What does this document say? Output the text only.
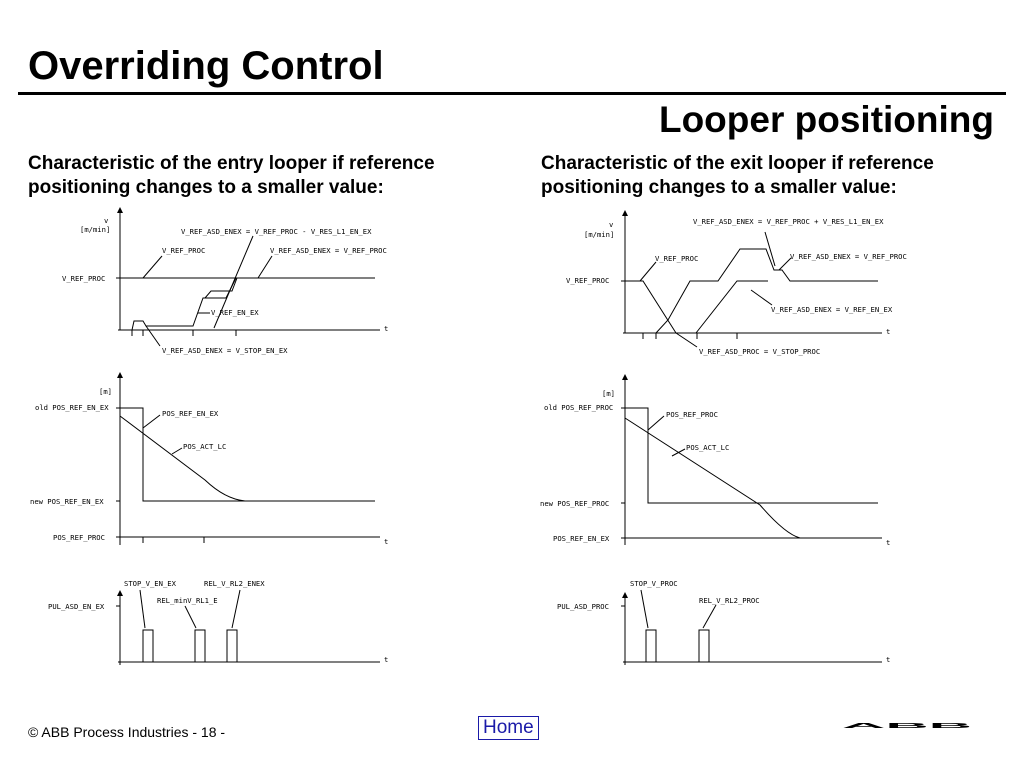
Overriding Control
Looper positioning
Characteristic of the entry looper if reference positioning changes to a smaller value:
Characteristic of the exit looper if reference positioning changes to a smaller value:
v
[m/min]
V_REF_PROC
V_REF_ASD_ENEX = V_REF_PROC - V_RES_L1_EN_EX
V_REF_PROC	V_REF_ASD_ENEX = V_REF_PROC
V_REF_EN_EX
V_REF_ASD_ENEX = V_STOP_EN_EX
t
[m]
old POS_REF_EN_EX
POS_REF_EN_EX
POS_ACT_LC
new POS_REF_EN_EX
POS_REF_PROC	t
STOP_V_EN_EX	REL_V_RL2_ENEX
REL_minV_RL1_E
PUL_ASD_EN_EX
t
v
[m/min]
V_REF_ASD_ENEX = V_REF_PROC + V_RES_L1_EN_EX
V_REF_PROC	V_REF_ASD_ENEX = V_REF_PROC
V_REF_PROC
V_REF_ASD_ENEX = V_REF_EN_EX
t
V_REF_ASD_PROC = V_STOP_PROC
[m]
old POS_REF_PROC
POS_REF_PROC
POS_ACT_LC
new POS_REF_PROC
POS_REF_EN_EX	t
STOP_V_PROC
REL_V_RL2_PROC
PUL_ASD_PROC
t
© ABB Process Industries - 18 -	Home	ABB
